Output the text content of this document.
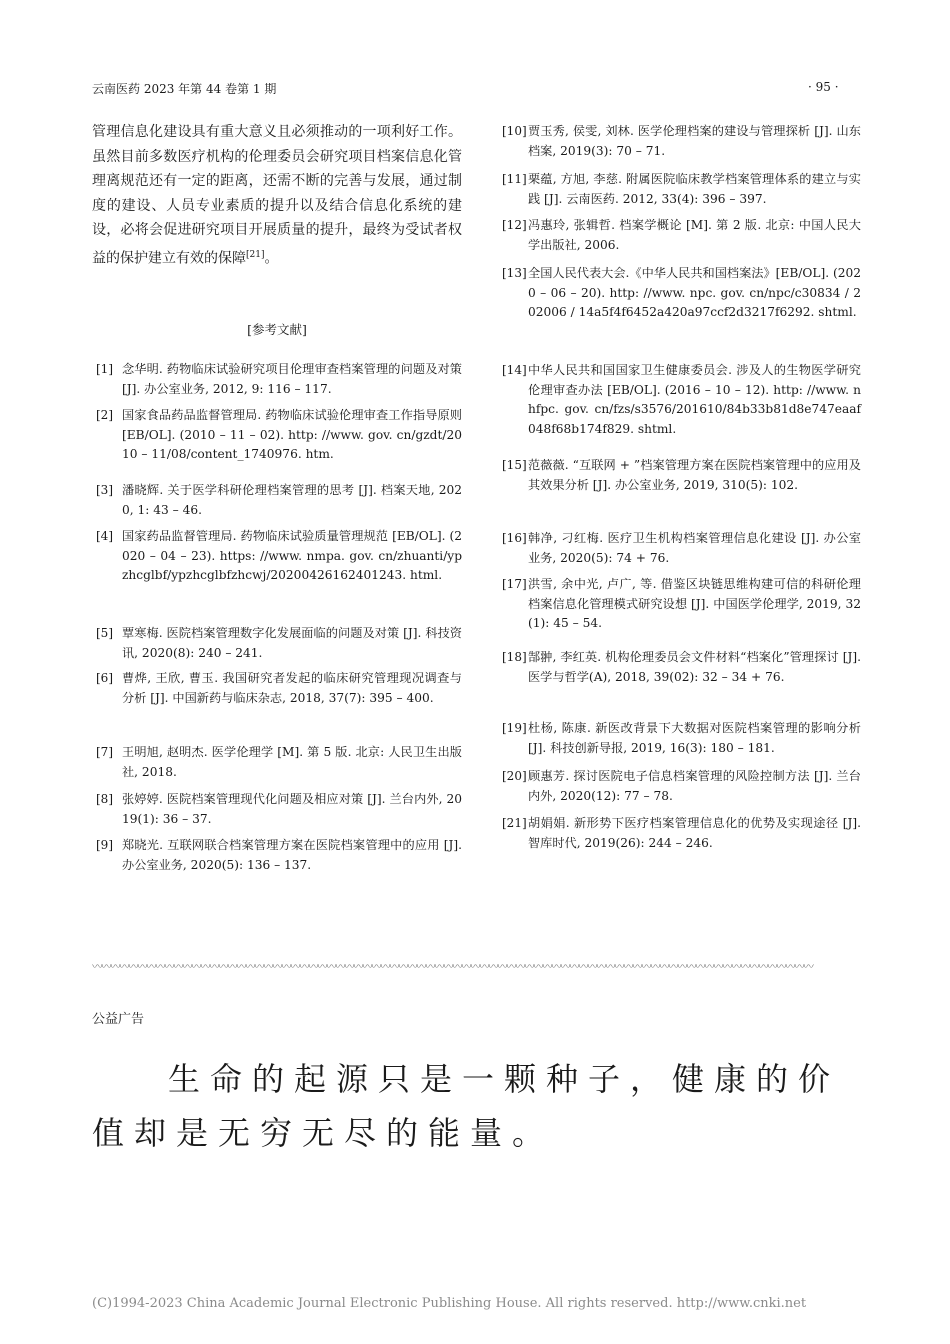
云南医药 2023 年第 44 卷第 1 期	· 95 ·

管理信息化建设具有重大意义且必须推动的一项利好工作。虽然目前多数医疗机构的伦理委员会研究项目档案信息化管理离规范还有一定的距离，还需不断的完善与发展，通过制度的建设、人员专业素质的提升以及结合信息化系统的建设，必将会促进研究项目开展质量的提升，最终为受试者权益的保护建立有效的保障[21]。

[参考文献]
[1] 念华明. 药物临床试验研究项目伦理审查档案管理的问题及对策 [J]. 办公室业务, 2012, 9: 116 – 117.
[2] 国家食品药品监督管理局. 药物临床试验伦理审查工作指导原则 [EB/OL]. (2010 – 11 – 02). http: //www. gov. cn/gzdt/2010 – 11/08/content_1740976. htm.
[3] 潘晓辉. 关于医学科研伦理档案管理的思考 [J]. 档案天地, 2020, 1: 43 – 46.
[4] 国家药品监督管理局. 药物临床试验质量管理规范 [EB/OL]. (2020 – 04 – 23). https: //www. nmpa. gov. cn/zhuanti/ypzhcglbf/ypzhcglbfzhcwj/20200426162401243. html.
[5] 覃寒梅. 医院档案管理数字化发展面临的问题及对策 [J]. 科技资讯, 2020(8): 240 – 241.
[6] 曹烨, 王欣, 曹玉. 我国研究者发起的临床研究管理现况调查与分析 [J]. 中国新药与临床杂志, 2018, 37(7): 395 – 400.
[7] 王明旭, 赵明杰. 医学伦理学 [M]. 第 5 版. 北京: 人民卫生出版社, 2018.
[8] 张婷婷. 医院档案管理现代化问题及相应对策 [J]. 兰台内外, 2019(1): 36 – 37.
[9] 郑晓光. 互联网联合档案管理方案在医院档案管理中的应用 [J]. 办公室业务, 2020(5): 136 – 137.
[10] 贾玉秀, 侯雯, 刘林. 医学伦理档案的建设与管理探析 [J]. 山东档案, 2019(3): 70 – 71.
[11] 栗蕴, 方旭, 李慈. 附属医院临床教学档案管理体系的建立与实践 [J]. 云南医药. 2012, 33(4): 396 – 397.
[12] 冯惠玲, 张辑哲. 档案学概论 [M]. 第 2 版. 北京: 中国人民大学出版社, 2006.
[13] 全国人民代表大会.《中华人民共和国档案法》[EB/OL]. (2020 – 06 – 20). http: //www. npc. gov. cn/npc/c30834 / 202006 / 14a5f4f6452a420a97ccf2d3217f6292. shtml.
[14] 中华人民共和国国家卫生健康委员会. 涉及人的生物医学研究伦理审查办法 [EB/OL]. (2016 – 10 – 12). http: //www. nhfpc. gov. cn/fzs/s3576/201610/84b33b81d8e747eaaf048f68b174f829. shtml.
[15] 范薇薇. “互联网 + ”档案管理方案在医院档案管理中的应用及其效果分析 [J]. 办公室业务, 2019, 310(5): 102.
[16] 韩净, 刁红梅. 医疗卫生机构档案管理信息化建设 [J]. 办公室业务, 2020(5): 74 + 76.
[17] 洪雪, 余中光, 卢广, 等. 借鉴区块链思维构建可信的科研伦理档案信息化管理模式研究设想 [J]. 中国医学伦理学, 2019, 32(1): 45 – 54.
[18] 郜翀, 李红英. 机构伦理委员会文件材料“档案化”管理探讨 [J]. 医学与哲学(A), 2018, 39(02): 32 – 34 + 76.
[19] 杜杨, 陈康. 新医改背景下大数据对医院档案管理的影响分析 [J]. 科技创新导报, 2019, 16(3): 180 – 181.
[20] 顾惠芳. 探讨医院电子信息档案管理的风险控制方法 [J]. 兰台内外, 2020(12): 77 – 78.
[21] 胡娟娟. 新形势下医疗档案管理信息化的优势及实现途径 [J]. 智库时代, 2019(26): 244 – 246.
〰〰〰〰〰〰〰〰〰〰〰〰〰〰〰〰〰〰〰〰〰〰〰〰〰〰〰〰〰〰〰〰〰〰〰〰〰〰〰〰〰〰〰〰〰〰〰〰〰〰〰〰〰〰〰〰〰〰〰〰〰〰〰〰〰〰〰〰〰〰〰〰〰〰〰〰〰〰〰〰
公益广告

生命的起源只是一颗种子，健康的价值却是无穷无尽的能量。

(C)1994-2023 China Academic Journal Electronic Publishing House. All rights reserved. http://www.cnki.net
